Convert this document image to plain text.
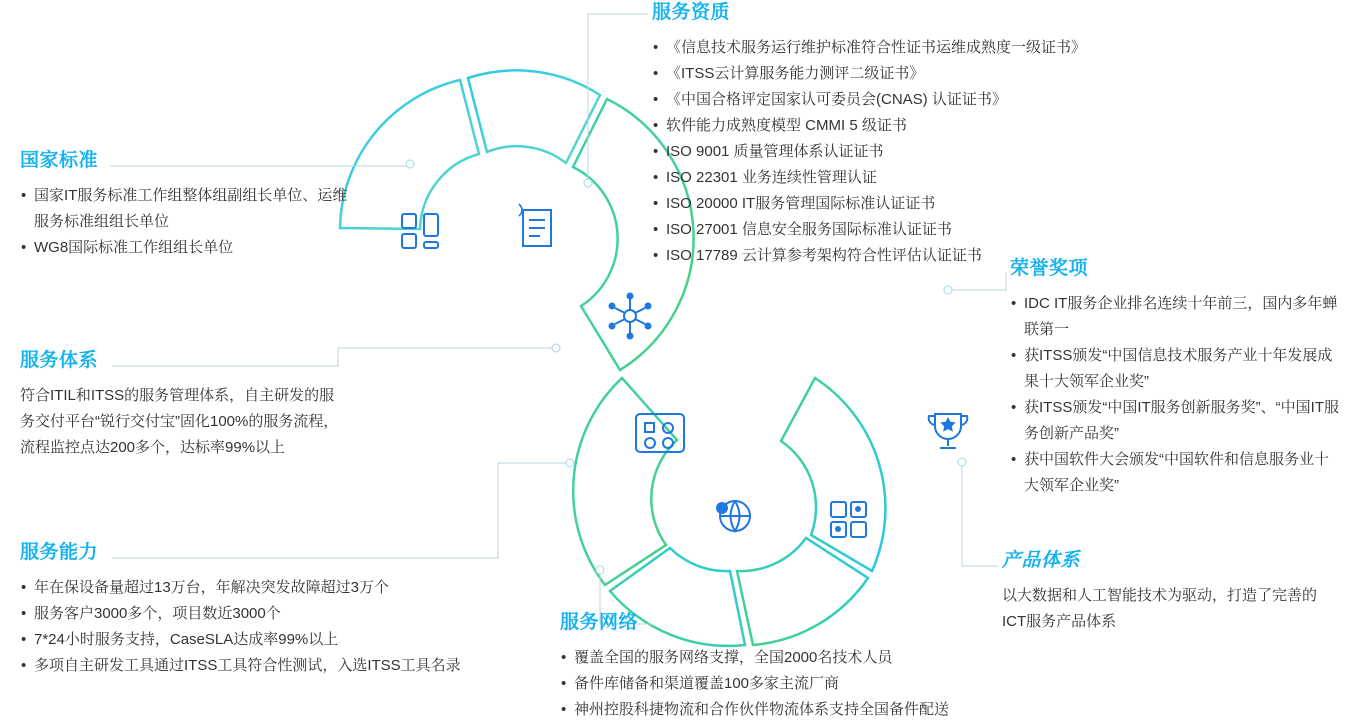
国家标准
• 国家IT服务标准工作组整体组副组长单位、运维服务标准组组长单位
• WG8国际标准工作组组长单位
服务资质
• 《信息技术服务运行维护标准符合性证书运维成熟度一级证书》
• 《ITSS云计算服务能力测评二级证书》
• 《中国合格评定国家认可委员会(CNAS) 认证证书》
• 软件能力成熟度模型 CMMI 5 级证书
• ISO 9001 质量管理体系认证证书
• ISO 22301 业务连续性管理认证
• ISO 20000 IT服务管理国际标准认证证书
• ISO 27001 信息安全服务国际标准认证证书
• ISO 17789 云计算参考架构符合性评估认证证书
荣誉奖项
• IDC IT服务企业排名连续十年前三，国内多年蝉联第一
• 获ITSS颁发“中国信息技术服务产业十年发展成果十大领军企业奖”
• 获ITSS颁发“中国IT服务创新服务奖”、“中国IT服务创新产品奖”
• 获中国软件大会颁发“中国软件和信息服务业十大领军企业奖”
服务体系
符合ITIL和ITSS的服务管理体系，自主研发的服务交付平台“锐行交付宝”固化100%的服务流程，流程监控点达200多个，达标率99%以上
服务能力
• 年在保设备量超过13万台，年解决突发故障超过3万个
• 服务客户3000多个，项目数近3000个
• 7*24小时服务支持，CaseSLA达成率99%以上
• 多项自主研发工具通过ITSS工具符合性测试，入选ITSS工具名录
服务网络
• 覆盖全国的服务网络支撑，全国2000名技术人员
• 备件库储备和渠道覆盖100多家主流厂商
• 神州控股科捷物流和合作伙伴物流体系支持全国备件配送
产品体系
以大数据和人工智能技术为驱动，打造了完善的ICT服务产品体系
